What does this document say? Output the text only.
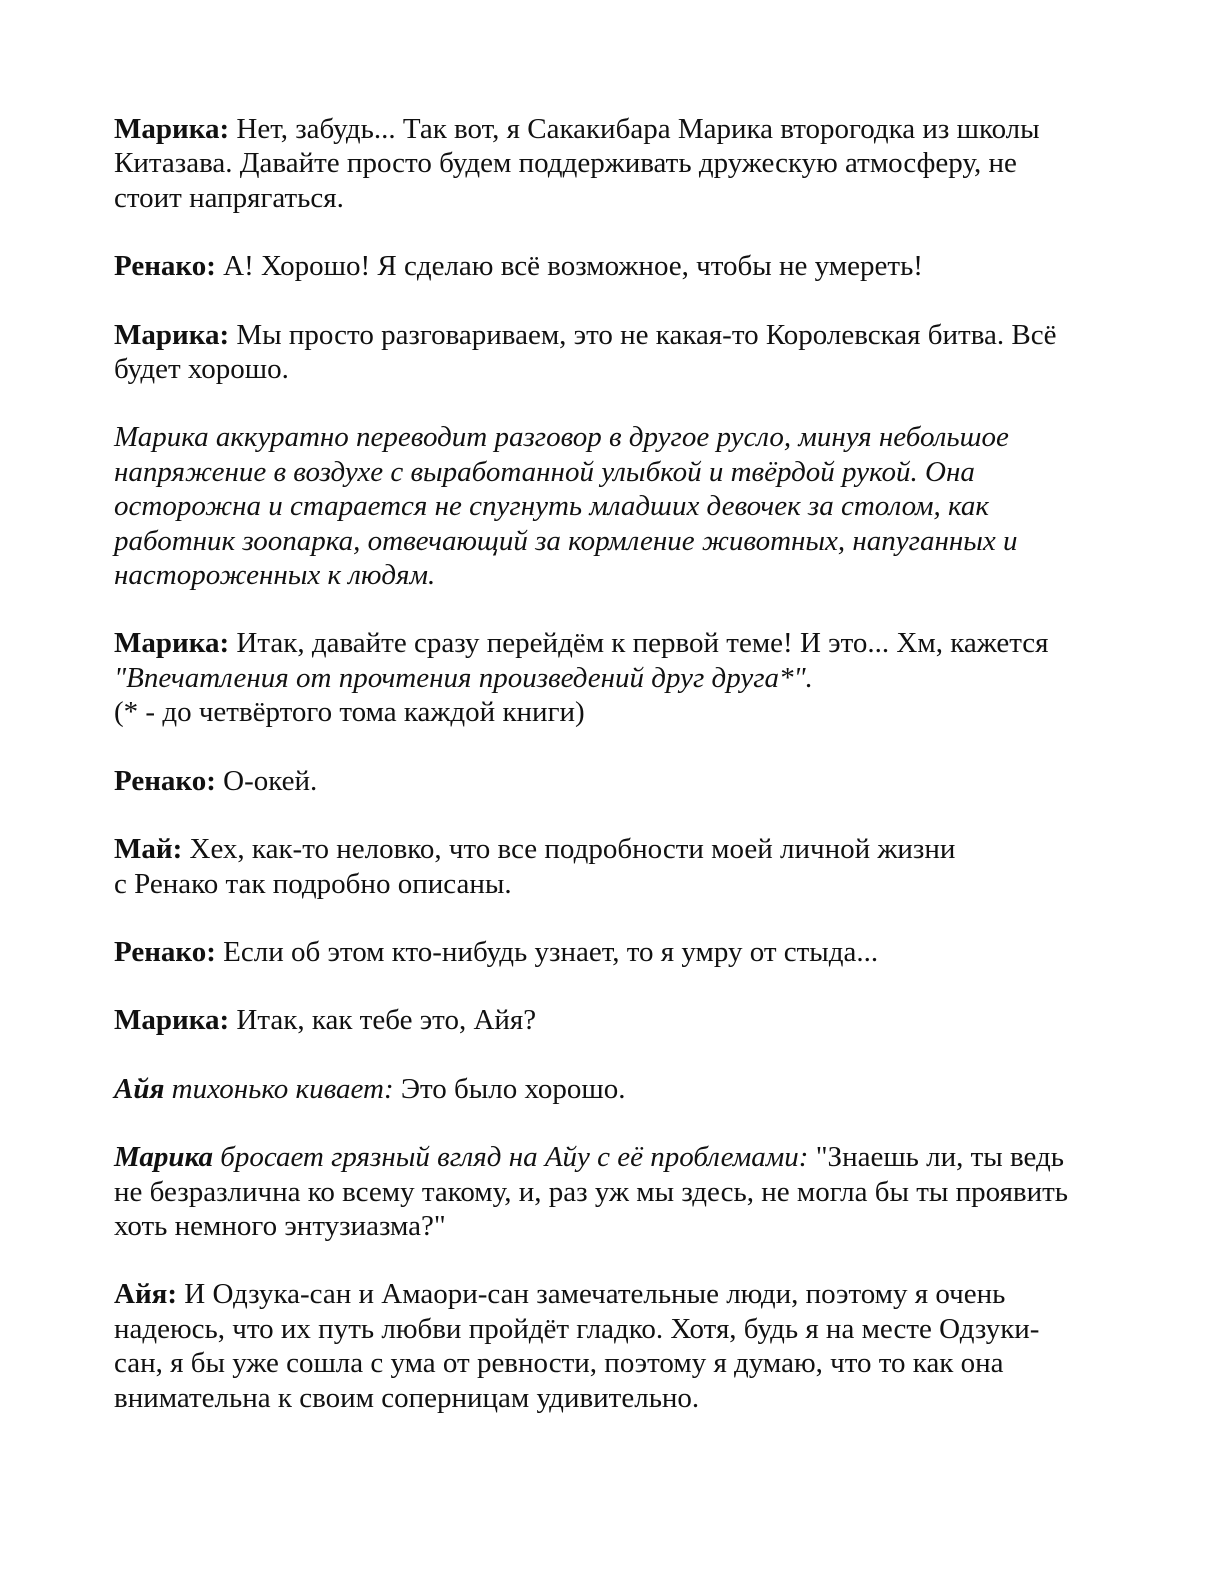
Марика: Нет, забудь... Так вот, я Сакакибара Марика второгодка из школы
Китазава. Давайте просто будем поддерживать дружескую атмосферу, не
стоит напрягаться.

Ренако: А! Хорошо! Я сделаю всё возможное, чтобы не умереть!

Марика: Мы просто разговариваем, это не какая-то Королевская битва. Всё
будет хорошо.

Марика аккуратно переводит разговор в другое русло, минуя небольшое
напряжение в воздухе с выработанной улыбкой и твёрдой рукой. Она
осторожна и старается не спугнуть младших девочек за столом, как
работник зоопарка, отвечающий за кормление животных, напуганных и
настороженных к людям.

Марика: Итак, давайте сразу перейдём к первой теме! И это... Хм, кажется
"Впечатления от прочтения произведений друг друга*".
(* - до четвёртого тома каждой книги)

Ренако: О-окей.

Май: Хех, как-то неловко, что все подробности моей личной жизни
с Ренако так подробно описаны.

Ренако: Если об этом кто-нибудь узнает, то я умру от стыда...

Марика: Итак, как тебе это, Айя?

Айя тихонько кивает: Это было хорошо.

Марика бросает грязный вгляд на Айу с её проблемами: "Знаешь ли, ты ведь
не безразлична ко всему такому, и, раз уж мы здесь, не могла бы ты проявить
хоть немного энтузиазма?"

Айя: И Одзука-сан и Амаори-сан замечательные люди, поэтому я очень
надеюсь, что их путь любви пройдёт гладко. Хотя, будь я на месте Одзуки-
сан, я бы уже сошла с ума от ревности, поэтому я думаю, что то как она
внимательна к своим соперницам удивительно.
